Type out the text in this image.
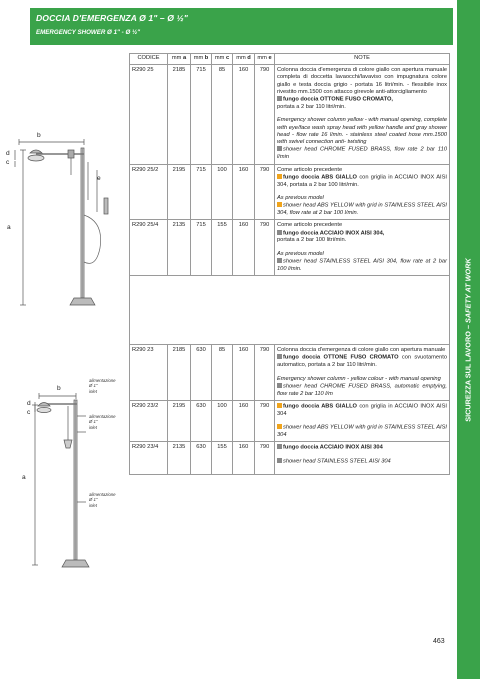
DOCCIA D'EMERGENZA Ø 1" – Ø ½"
EMERGENCY SHOWER Ø 1" - Ø ½"
SICUREZZA SUL LAVORO – SAFETY AT WORK
b
d
c
e
a
b
d
c
a
alimentazione
Ø 1"
inlet
alimentazione
Ø 1"
inlet
alimentazione
Ø 1"
inlet
CODICE	mm a	mm b	mm c	mm d	mm e	NOTE
R290 25	2185	715	85	160	790	Colonna doccia d'emergenza di colore giallo con apertura manuale completa di doccetta lavaocchi/lavaviso con impugnatura colore giallo e testa doccia grigio - portata 16 litri/min. - flessibile inox rivestito mm.1500 con attacco girevole anti-attorcigliamento
fungo doccia OTTONE FUSO CROMATO,
portata a 2 bar 110 litri/min.
Emergency shower column yellow - with manual opening, complete with eye/face wash spray head with yellow handle and gray shower head - flow rate 16 l/min. - stainless steel coated hose mm.1500 with swivel connection anti- twisting
shower head CHROME FUSED BRASS, flow rate 2 bar 110 l/min
R290 25/2	2195	715	100	160	790	Come articolo precedente
fungo doccia ABS GIALLO con griglia in ACCIAIO INOX AISI 304, portata a 2 bar 100 litri/min.
As previous model
shower head ABS YELLOW with grid in STAINLESS STEEL AISI 304, flow rate at 2 bar 100 l/min.
R290 25/4	2135	715	155	160	790	Come articolo precedente
fungo doccia ACCIAIO INOX AISI 304,
portata a 2 bar 100 litri/min.
As previous model
shower head STAINLESS STEEL AISI 304, flow rate at 2 bar 100 l/min.

R290 23	2185	630	85	160	790	Colonna doccia d'emergenza di colore giallo con apertura manuale
fungo doccia OTTONE FUSO CROMATO con svuotamento automatico, portata a 2 bar 110 litri/min.
Emergency shower column - yellow colour - with manual opening
shower head CHROME FUSED BRASS, automatic emptying, flow rate 2 bar 110 l/m
R290 23/2	2195	630	100	160	790	fungo doccia ABS GIALLO con griglia in ACCIAIO INOX AISI 304
shower head ABS YELLOW with grid in STAINLESS STEEL AISI 304
R290 23/4	2135	630	155	160	790	fungo doccia ACCIAIO INOX AISI 304
shower head STAINLESS STEEL AISI 304
463
